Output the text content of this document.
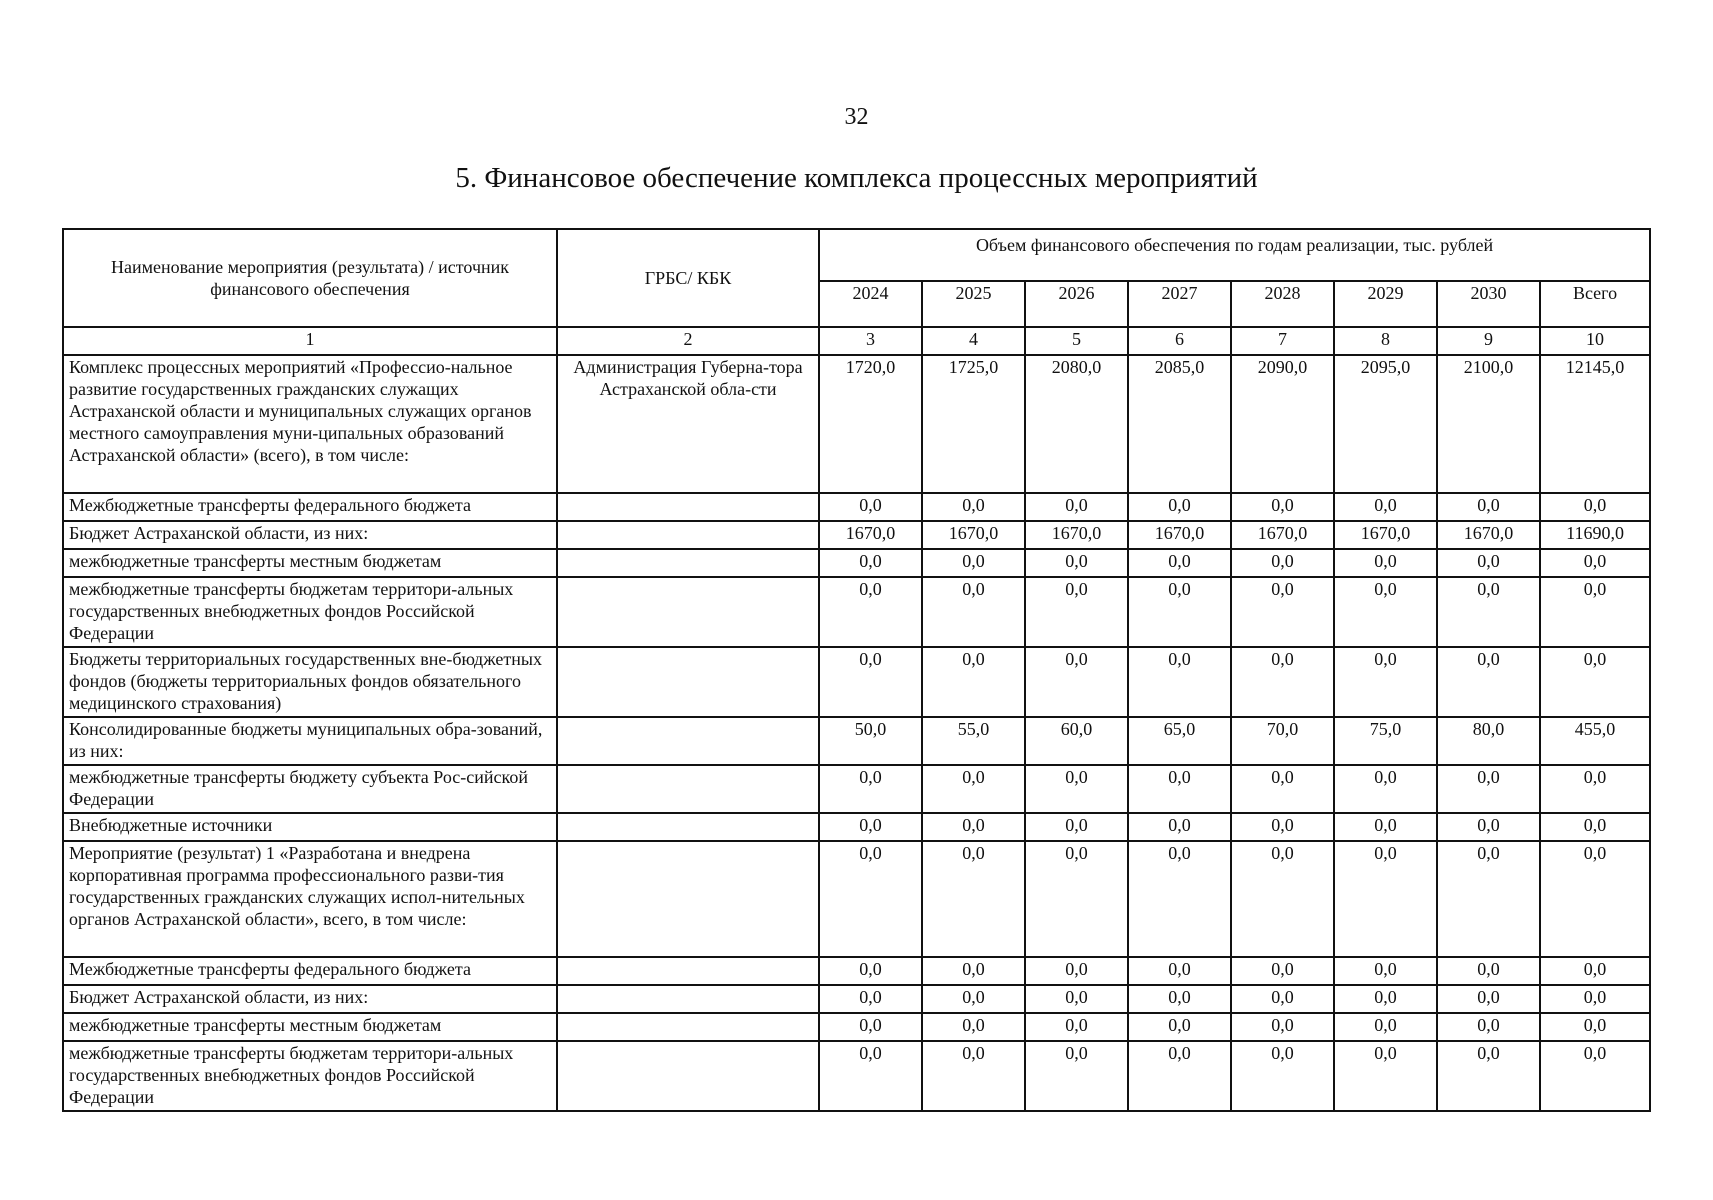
32
5. Финансовое обеспечение комплекса процессных мероприятий
Наименование мероприятия (результата) / источник финансового обеспечения	ГРБС/ КБК	Объем финансового обеспечения по годам реализации, тыс. рублей							
		2024	2025	2026	2027	2028	2029	2030	Всего
1	2	3	4	5	6	7	8	9	10
Комплекс процессных мероприятий «Профессио-нальное развитие государственных гражданских служащих Астраханской области и муниципальных служащих органов местного самоуправления муни-ципальных образований Астраханской области» (всего), в том числе:	Администрация Губерна-тора Астраханской обла-сти	1720,0	1725,0	2080,0	2085,0	2090,0	2095,0	2100,0	12145,0
Межбюджетные трансферты федерального бюджета		0,0	0,0	0,0	0,0	0,0	0,0	0,0	0,0
Бюджет Астраханской области, из них:		1670,0	1670,0	1670,0	1670,0	1670,0	1670,0	1670,0	11690,0
межбюджетные трансферты местным бюджетам		0,0	0,0	0,0	0,0	0,0	0,0	0,0	0,0
межбюджетные трансферты бюджетам территори-альных государственных внебюджетных фондов Российской Федерации		0,0	0,0	0,0	0,0	0,0	0,0	0,0	0,0
Бюджеты территориальных государственных вне-бюджетных фондов (бюджеты территориальных фондов обязательного медицинского страхования)		0,0	0,0	0,0	0,0	0,0	0,0	0,0	0,0
Консолидированные бюджеты муниципальных обра-зований, из них:		50,0	55,0	60,0	65,0	70,0	75,0	80,0	455,0
межбюджетные трансферты бюджету субъекта Рос-сийской Федерации		0,0	0,0	0,0	0,0	0,0	0,0	0,0	0,0
Внебюджетные источники		0,0	0,0	0,0	0,0	0,0	0,0	0,0	0,0
Мероприятие (результат) 1 «Разработана и внедрена корпоративная программа профессионального разви-тия государственных гражданских служащих испол-нительных органов Астраханской области», всего, в том числе:		0,0	0,0	0,0	0,0	0,0	0,0	0,0	0,0
Межбюджетные трансферты федерального бюджета		0,0	0,0	0,0	0,0	0,0	0,0	0,0	0,0
Бюджет Астраханской области, из них:		0,0	0,0	0,0	0,0	0,0	0,0	0,0	0,0
межбюджетные трансферты местным бюджетам		0,0	0,0	0,0	0,0	0,0	0,0	0,0	0,0
межбюджетные трансферты бюджетам территори-альных государственных внебюджетных фондов Российской Федерации		0,0	0,0	0,0	0,0	0,0	0,0	0,0	0,0
